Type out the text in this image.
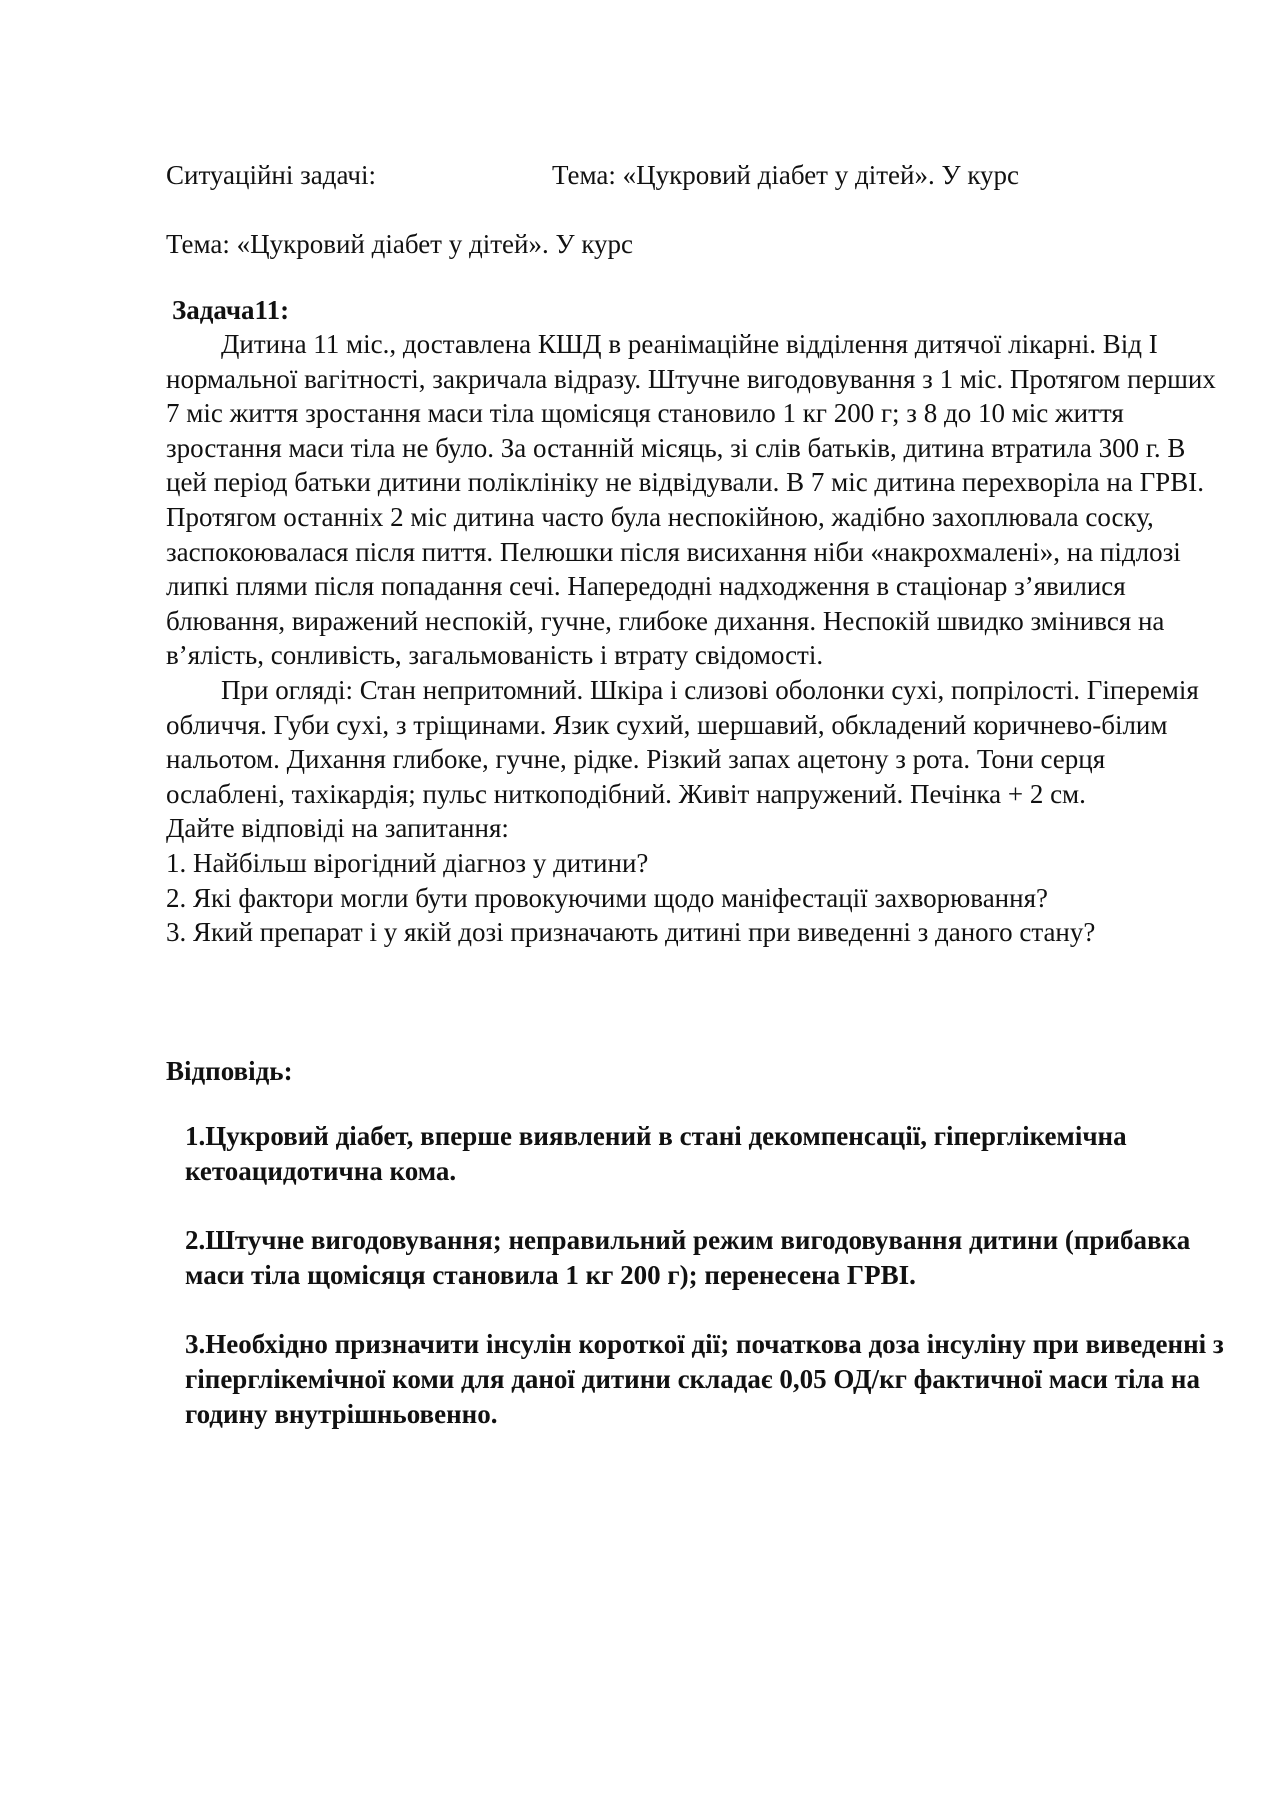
Ситуаційні задачі:	Тема: «Цукровий діабет у дітей». У курс
Тема: «Цукровий діабет у дітей». У курс
Задача11:

Дитина 11 міс., доставлена КШД в реанімаційне відділення дитячої лікарні. Від I нормальної вагітності, закричала відразу. Штучне вигодовування з 1 міс. Протягом перших 7 міс життя зростання маси тіла щомісяця становило 1 кг 200 г; з 8 до 10 міс життя зростання маси тіла не було. За останній місяць, зі слів батьків, дитина втратила 300 г. В цей період батьки дитини поліклініку не відвідували. В 7 міс дитина перехворіла на ГРВІ. Протягом останніх 2 міс дитина часто була неспокійною, жадібно захоплювала соску, заспокоювалася після пиття. Пелюшки після висихання ніби «накрохмалені», на підлозі липкі плями після попадання сечі. Напередодні надходження в стаціонар з’явилися блювання, виражений неспокій, гучне, глибоке дихання. Неспокій швидко змінився на в’ялість, сонливість, загальмованість і втрату свідомості.

При огляді: Стан непритомний. Шкіра і слизові оболонки сухі, попрілості. Гіперемія обличчя. Губи сухі, з тріщинами. Язик сухий, шершавий, обкладений коричнево-білим нальотом. Дихання глибоке, гучне, рідке. Різкий запах ацетону з рота. Тони серця ослаблені, тахікардія; пульс ниткоподібний. Живіт напружений. Печінка + 2 см.

Дайте відповіді на запитання:

1. Найбільш вірогідний діагноз у дитини?

2. Які фактори могли бути провокуючими щодо маніфестації захворювання?

3. Який препарат і у якій дозі призначають дитині при виведенні з даного стану?

Відповідь:

1.Цукровий діабет, вперше виявлений в стані декомпенсації, гіперглікемічна кетоацидотична кома.

2.Штучне вигодовування; неправильний режим вигодовування дитини (прибавка маси тіла щомісяця становила 1 кг 200 г); перенесена ГРВІ.

3.Необхідно призначити інсулін короткої дії; початкова доза інсуліну при виведенні з гіперглікемічної коми для даної дитини складає 0,05 ОД/кг фактичної маси тіла на годину внутрішньовенно.
